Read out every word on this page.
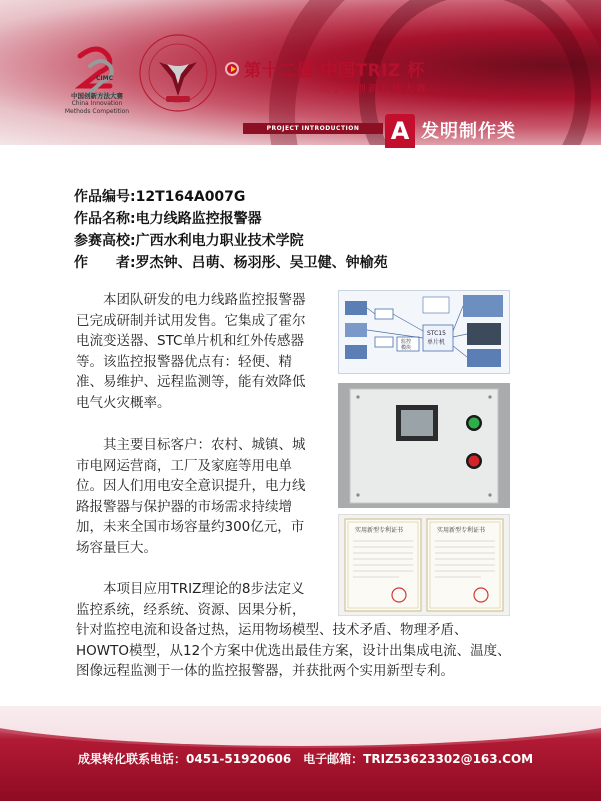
CIMC
中国创新方法大赛
China Innovation
Methods Competition
第十二届 中国TRIZ 杯
大学生创新方法大赛
PROJECT INTRODUCTION	A 发明制作类
作品编号:12T164A007G
作品名称:电力线路监控报警器
参赛高校:广西水利电力职业技术学院
作　　者:罗杰钟、吕萌、杨羽彤、吴卫健、钟榆苑
本团队研发的电力线路监控报警器
已完成研制并试用发售。它集成了霍尔
电流变送器、STC单片机和红外传感器
等。该监控报警器优点有：轻便、精
准、易维护、远程监测等，能有效降低
电气火灾概率。
其主要目标客户：农村、城镇、城
市电网运营商，工厂及家庭等用电单
位。因人们用电安全意识提升，电力线
路报警器与保护器的市场需求持续增
加，未来全国市场容量约300亿元，市
场容量巨大。
本项目应用TRIZ理论的8步法定义
监控系统，经系统、资源、因果分析，
针对监控电流和设备过热，运用物场模型、技术矛盾、物理矛盾、
HOWTO模型，从12个方案中优选出最佳方案，设计出集成电流、温度、
图像远程监测于一体的监控报警器，并获批两个实用新型专利。
监控
模块
STC15
单片机
实用新型专利证书	实用新型专利证书
成果转化联系电话：0451-51920606　电子邮箱：TRIZ53623302@163.COM
